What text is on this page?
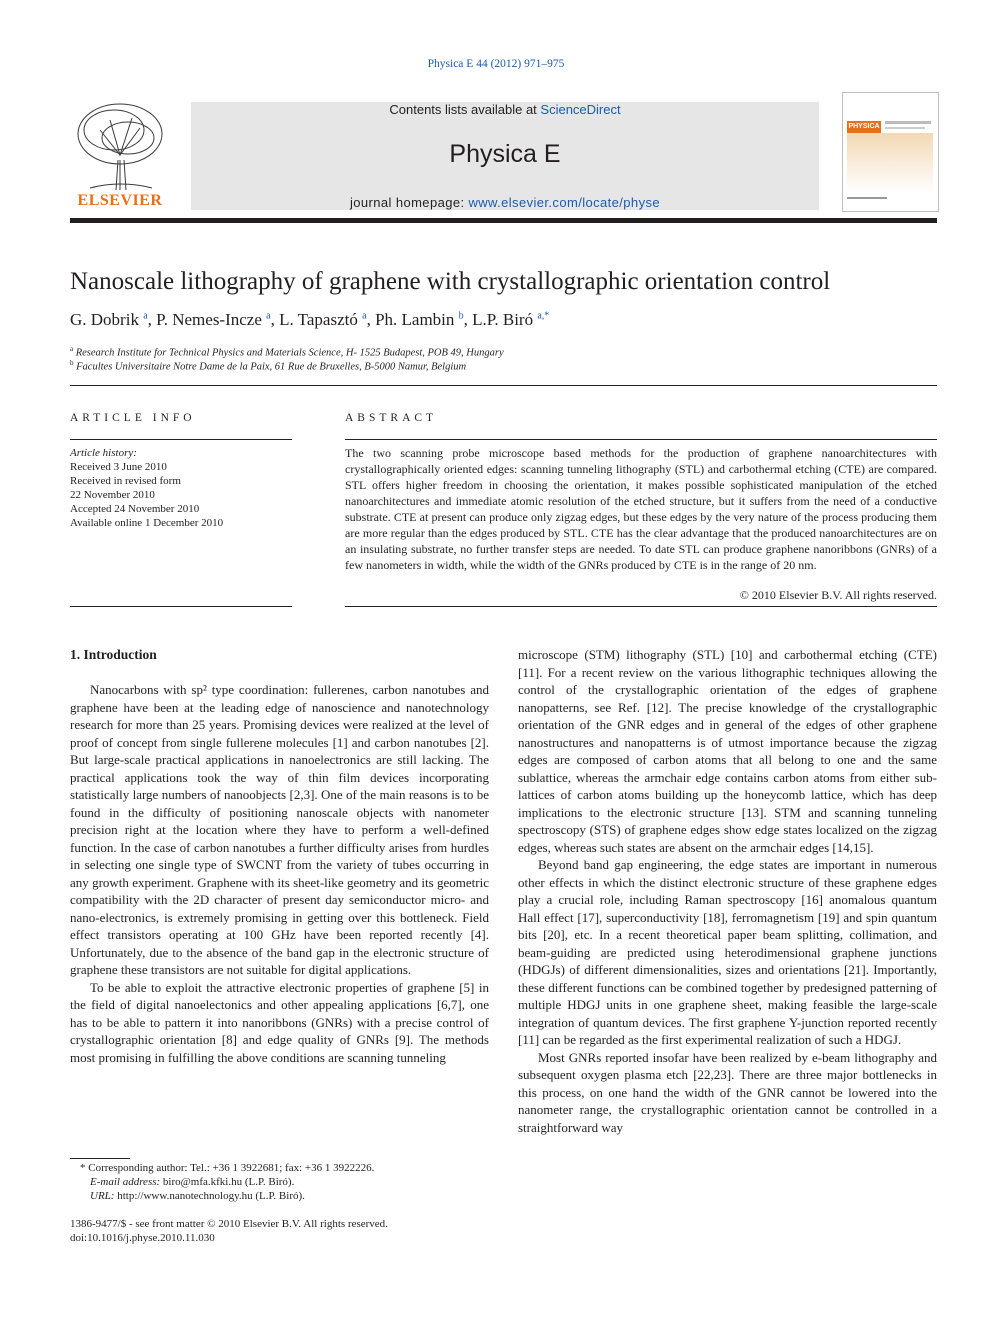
Physica E 44 (2012) 971–975
ELSEVIER
Contents lists available at ScienceDirect
Physica E
journal homepage: www.elsevier.com/locate/physe
PHYSICA
Nanoscale lithography of graphene with crystallographic orientation control
G. Dobrik $^a$, P. Nemes-Incze $^a$, L. Tapasztó $^a$, Ph. Lambin $^b$, L.P. Biró $^{a,*}$
$^a$ Research Institute for Technical Physics and Materials Science, H- 1525 Budapest, POB 49, Hungary
$^b$ Facultes Universitaire Notre Dame de la Paix, 61 Rue de Bruxelles, B-5000 Namur, Belgium
ARTICLE INFO
Article history:
Received 3 June 2010
Received in revised form
22 November 2010
Accepted 24 November 2010
Available online 1 December 2010
ABSTRACT
The two scanning probe microscope based methods for the production of graphene nanoarchitectures with crystallographically oriented edges: scanning tunneling lithography (STL) and carbothermal etching (CTE) are compared. STL offers higher freedom in choosing the orientation, it makes possible sophisticated manipulation of the etched nanoarchitectures and immediate atomic resolution of the etched structure, but it suffers from the need of a conductive substrate. CTE at present can produce only zigzag edges, but these edges by the very nature of the process producing them are more regular than the edges produced by STL. CTE has the clear advantage that the produced nanoarchitectures are on an insulating substrate, no further transfer steps are needed. To date STL can produce graphene nanoribbons (GNRs) of a few nanometers in width, while the width of the GNRs produced by CTE is in the range of 20 nm.
© 2010 Elsevier B.V. All rights reserved.
1. Introduction

Nanocarbons with sp² type coordination: fullerenes, carbon nanotubes and graphene have been at the leading edge of nanoscience and nanotechnology research for more than 25 years. Promising devices were realized at the level of proof of concept from single fullerene molecules [1] and carbon nanotubes [2]. But large-scale practical applications in nanoelectronics are still lacking. The practical applications took the way of thin film devices incorporating statistically large numbers of nanoobjects [2,3]. One of the main reasons is to be found in the difficulty of positioning nanoscale objects with nanometer precision right at the location where they have to perform a well-defined function. In the case of carbon nanotubes a further difficulty arises from hurdles in selecting one single type of SWCNT from the variety of tubes occurring in any growth experiment. Graphene with its sheet-like geometry and its geometric compatibility with the 2D character of present day semiconductor micro- and nano-electronics, is extremely promising in getting over this bottleneck. Field effect transistors operating at 100 GHz have been reported recently [4]. Unfortunately, due to the absence of the band gap in the electronic structure of graphene these transistors are not suitable for digital applications.

To be able to exploit the attractive electronic properties of graphene [5] in the field of digital nanoelectonics and other appealing applications [6,7], one has to be able to pattern it into nanoribbons (GNRs) with a precise control of crystallographic orientation [8] and edge quality of GNRs [9]. The methods most promising in fulfilling the above conditions are scanning tunneling

microscope (STM) lithography (STL) [10] and carbothermal etching (CTE) [11]. For a recent review on the various lithographic techniques allowing the control of the crystallographic orientation of the edges of graphene nanopatterns, see Ref. [12]. The precise knowledge of the crystallographic orientation of the GNR edges and in general of the edges of other graphene nanostructures and nanopatterns is of utmost importance because the zigzag edges are composed of carbon atoms that all belong to one and the same sublattice, whereas the armchair edge contains carbon atoms from either sub-lattices of carbon atoms building up the honeycomb lattice, which has deep implications to the electronic structure [13]. STM and scanning tunneling spectroscopy (STS) of graphene edges show edge states localized on the zigzag edges, whereas such states are absent on the armchair edges [14,15].

Beyond band gap engineering, the edge states are important in numerous other effects in which the distinct electronic structure of these graphene edges play a crucial role, including Raman spectroscopy [16] anomalous quantum Hall effect [17], superconductivity [18], ferromagnetism [19] and spin quantum bits [20], etc. In a recent theoretical paper beam splitting, collimation, and beam-guiding are predicted using heterodimensional graphene junctions (HDGJs) of different dimensionalities, sizes and orientations [21]. Importantly, these different functions can be combined together by predesigned patterning of multiple HDGJ units in one graphene sheet, making feasible the large-scale integration of quantum devices. The first graphene Y-junction reported recently [11] can be regarded as the first experimental realization of such a HDGJ.

Most GNRs reported insofar have been realized by e-beam lithography and subsequent oxygen plasma etch [22,23]. There are three major bottlenecks in this process, on one hand the width of the GNR cannot be lowered into the nanometer range, the crystallographic orientation cannot be controlled in a straightforward way

* Corresponding author: Tel.: +36 1 3922681; fax: +36 1 3922226.
E-mail address: biro@mfa.kfki.hu (L.P. Biró).
URL: http://www.nanotechnology.hu (L.P. Biró).
1386-9477/$ - see front matter © 2010 Elsevier B.V. All rights reserved.
doi:10.1016/j.physe.2010.11.030
